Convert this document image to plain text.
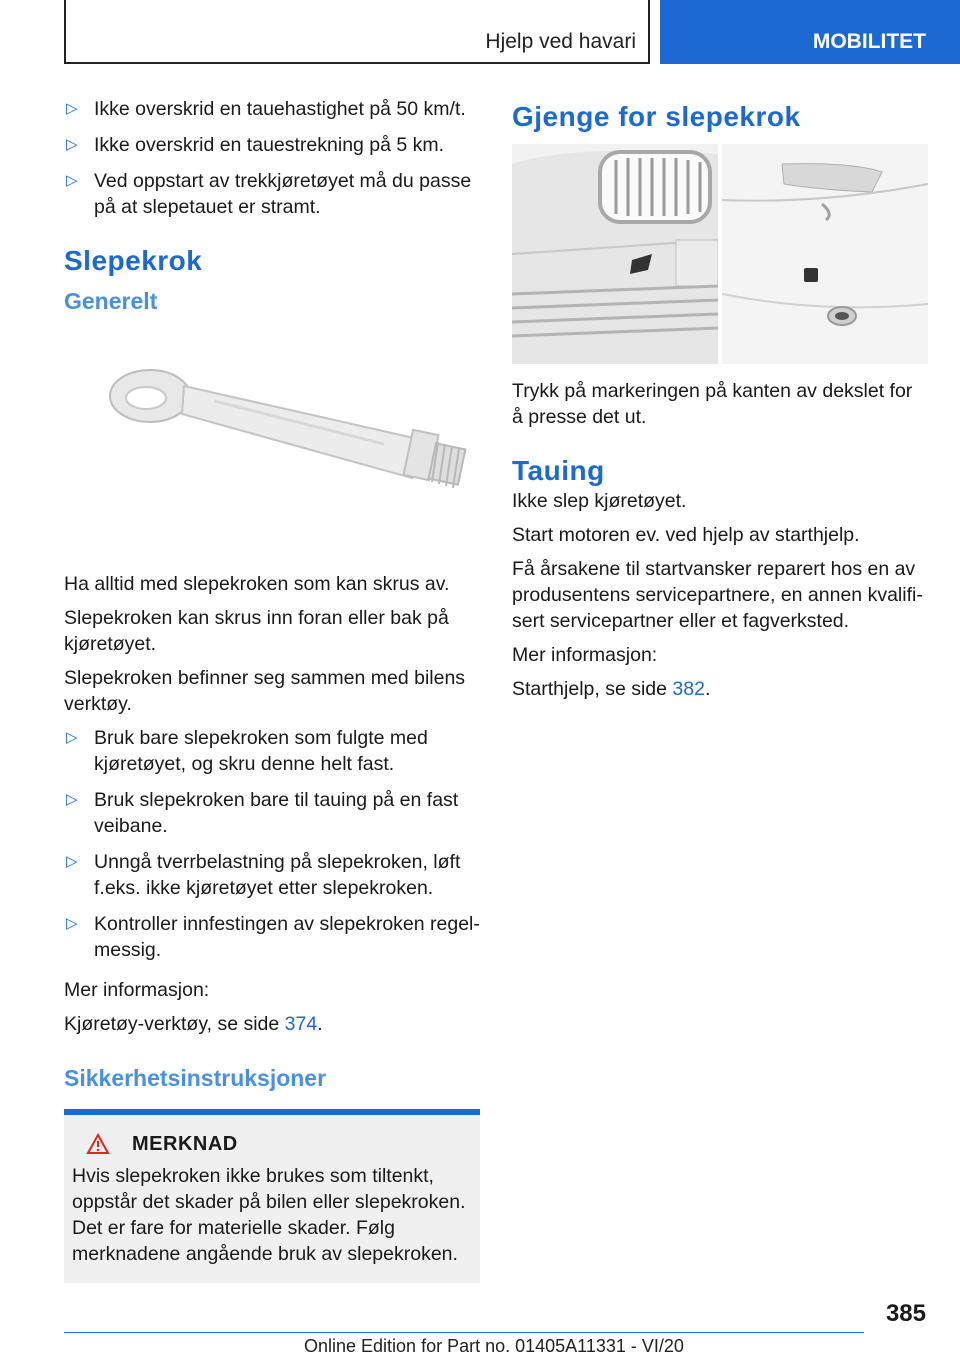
Hjelp ved havari	MOBILITET
▷ Ikke overskrid en tauehastighet på 50 km/t.
▷ Ikke overskrid en tauestrekning på 5 km.
▷ Ved oppstart av trekkjøretøyet må du passe på at slepetauet er stramt.
Slepekrok
Generelt

Ha alltid med slepekroken som kan skrus av.

Slepekroken kan skrus inn foran eller bak på kjøretøyet.

Slepekroken befinner seg sammen med bilens verktøy.

▷ Bruk bare slepekroken som fulgte med kjøretøyet, og skru denne helt fast.
▷ Bruk slepekroken bare til tauing på en fast veibane.
▷ Unngå tverrbelastning på slepekroken, løft f.eks. ikke kjøretøyet etter slepekroken.
▷ Kontroller innfestingen av slepekroken regelmessig.

Mer informasjon:

Kjøretøy-verktøy, se side 374.

Sikkerhetsinstruksjoner
MERKNAD
Hvis slepekroken ikke brukes som tiltenkt, oppstår det skader på bilen eller slepekroken. Det er fare for materielle skader. Følg merknadene angående bruk av slepekroken.
Gjenge for slepekrok

Trykk på markeringen på kanten av dekslet for å presse det ut.

Tauing

Ikke slep kjøretøyet.

Start motoren ev. ved hjelp av starthjelp.

Få årsakene til startvansker reparert hos en av produsentens servicepartnere, en annen kvalifisert servicepartner eller et fagverksted.

Mer informasjon:

Starthjelp, se side 382.

385
Online Edition for Part no. 01405A11331 - VI/20
